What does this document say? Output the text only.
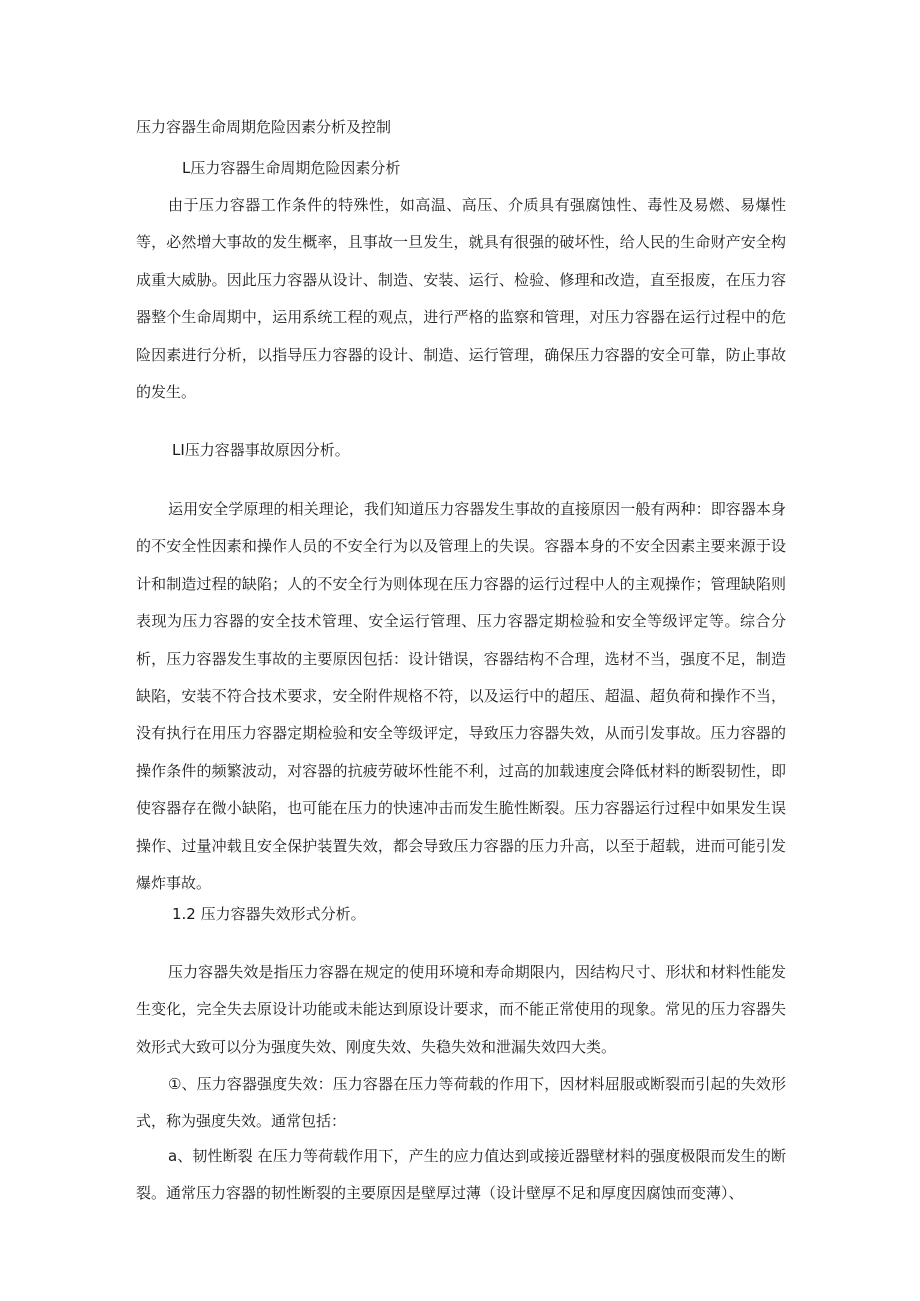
压力容器生命周期危险因素分析及控制
L压力容器生命周期危险因素分析
由于压力容器工作条件的特殊性，如高温、高压、介质具有强腐蚀性、毒性及易燃、易爆性等，必然增大事故的发生概率，且事故一旦发生，就具有很强的破坏性，给人民的生命财产安全构成重大威胁。因此压力容器从设计、制造、安装、运行、检验、修理和改造，直至报废，在压力容器整个生命周期中，运用系统工程的观点，进行严格的监察和管理，对压力容器在运行过程中的危险因素进行分析，以指导压力容器的设计、制造、运行管理，确保压力容器的安全可靠，防止事故的发生。
LI压力容器事故原因分析。
运用安全学原理的相关理论，我们知道压力容器发生事故的直接原因一般有两种：即容器本身的不安全性因素和操作人员的不安全行为以及管理上的失误。容器本身的不安全因素主要来源于设计和制造过程的缺陷；人的不安全行为则体现在压力容器的运行过程中人的主观操作；管理缺陷则表现为压力容器的安全技术管理、安全运行管理、压力容器定期检验和安全等级评定等。综合分析，压力容器发生事故的主要原因包括：设计错误，容器结构不合理，选材不当，强度不足，制造缺陷，安装不符合技术要求，安全附件规格不符，以及运行中的超压、超温、超负荷和操作不当，没有执行在用压力容器定期检验和安全等级评定，导致压力容器失效，从而引发事故。压力容器的操作条件的频繁波动，对容器的抗疲劳破坏性能不利，过高的加载速度会降低材料的断裂韧性，即使容器存在微小缺陷，也可能在压力的快速冲击而发生脆性断裂。压力容器运行过程中如果发生误操作、过量冲载且安全保护装置失效，都会导致压力容器的压力升高，以至于超载，进而可能引发爆炸事故。
1.2 压力容器失效形式分析。
压力容器失效是指压力容器在规定的使用环境和寿命期限内，因结构尺寸、形状和材料性能发生变化，完全失去原设计功能或未能达到原设计要求，而不能正常使用的现象。常见的压力容器失效形式大致可以分为强度失效、刚度失效、失稳失效和泄漏失效四大类。
①、压力容器强度失效：压力容器在压力等荷载的作用下，因材料屈服或断裂而引起的失效形式，称为强度失效。通常包括：
a、韧性断裂 在压力等荷载作用下，产生的应力值达到或接近器壁材料的强度极限而发生的断裂。通常压力容器的韧性断裂的主要原因是壁厚过薄（设计壁厚不足和厚度因腐蚀而变薄）、
